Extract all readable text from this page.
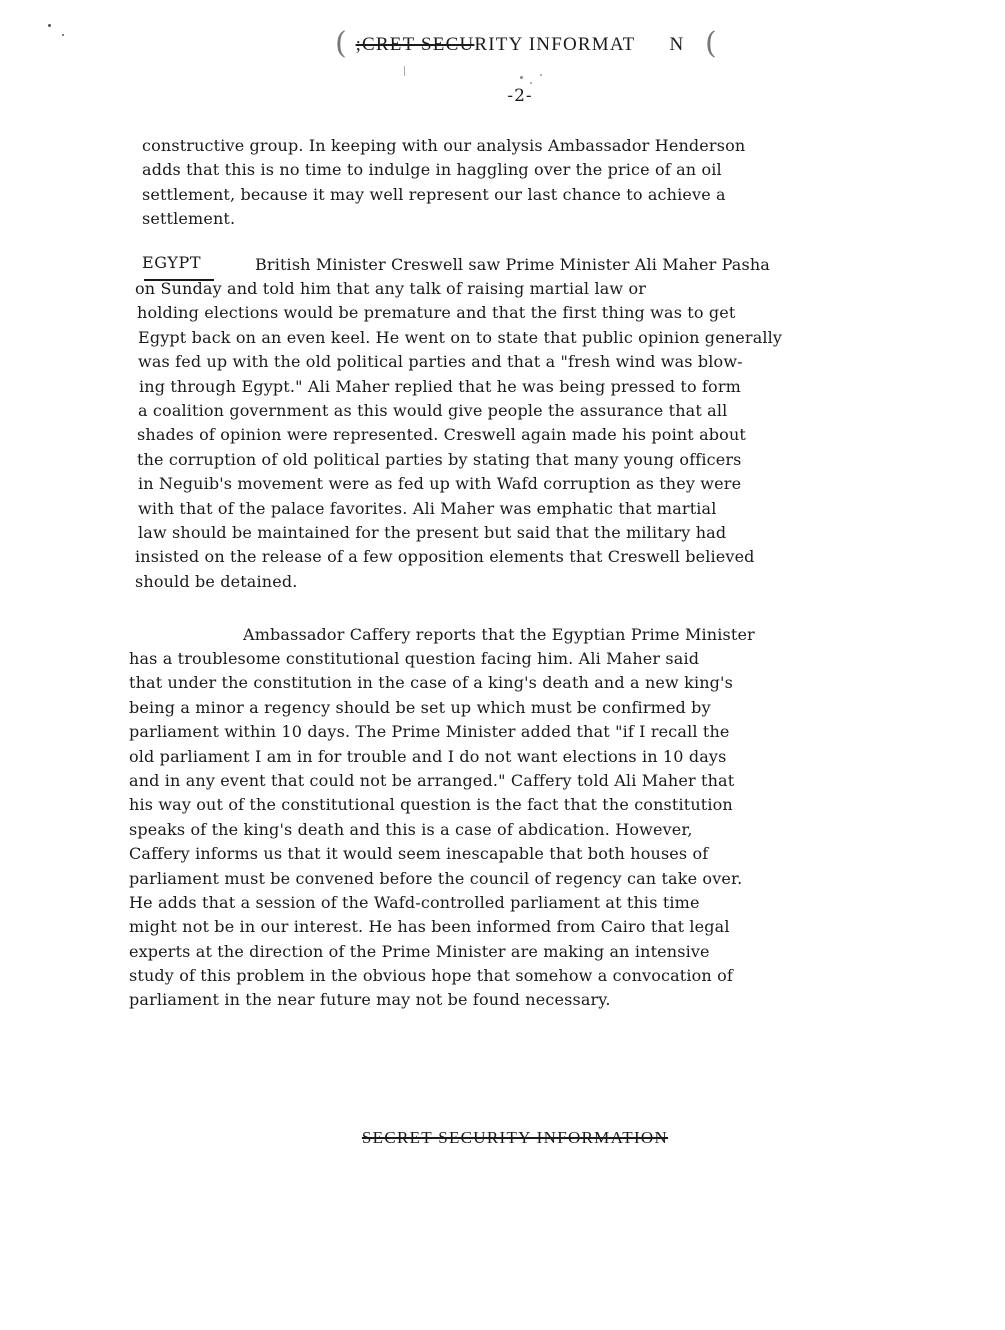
( ;CRET SECURITY INFORMAT N (
-2-
constructive group. In keeping with our analysis Ambassador Henderson
adds that this is no time to indulge in haggling over the price of an oil
settlement, because it may well represent our last chance to achieve a
settlement.
EGYPT	British Minister Creswell saw Prime Minister Ali Maher Pasha
on Sunday and told him that any talk of raising martial law or
holding elections would be premature and that the first thing was to get
Egypt back on an even keel. He went on to state that public opinion generally
was fed up with the old political parties and that a "fresh wind was blow-
ing through Egypt." Ali Maher replied that he was being pressed to form
a coalition government as this would give people the assurance that all
shades of opinion were represented. Creswell again made his point about
the corruption of old political parties by stating that many young officers
in Neguib's movement were as fed up with Wafd corruption as they were
with that of the palace favorites. Ali Maher was emphatic that martial
law should be maintained for the present but said that the military had
insisted on the release of a few opposition elements that Creswell believed
should be detained.
Ambassador Caffery reports that the Egyptian Prime Minister
has a troublesome constitutional question facing him. Ali Maher said
that under the constitution in the case of a king's death and a new king's
being a minor a regency should be set up which must be confirmed by
parliament within 10 days. The Prime Minister added that "if I recall the
old parliament I am in for trouble and I do not want elections in 10 days
and in any event that could not be arranged." Caffery told Ali Maher that
his way out of the constitutional question is the fact that the constitution
speaks of the king's death and this is a case of abdication. However,
Caffery informs us that it would seem inescapable that both houses of
parliament must be convened before the council of regency can take over.
He adds that a session of the Wafd-controlled parliament at this time
might not be in our interest. He has been informed from Cairo that legal
experts at the direction of the Prime Minister are making an intensive
study of this problem in the obvious hope that somehow a convocation of
parliament in the near future may not be found necessary.
SECRET SECURITY INFORMATION
